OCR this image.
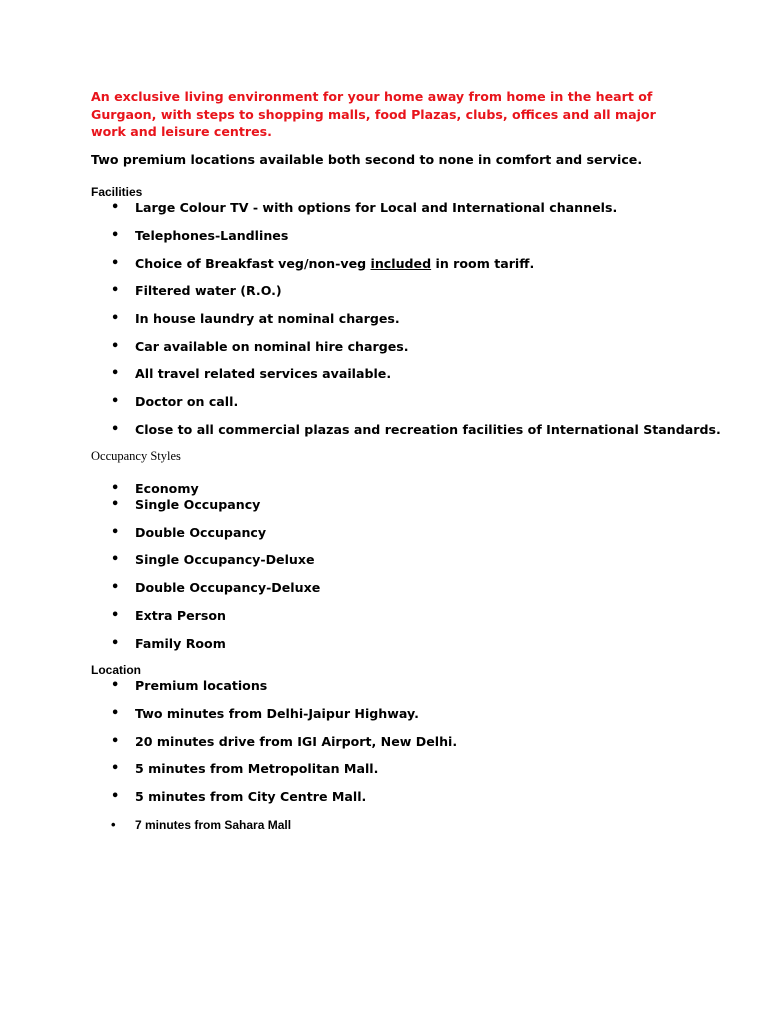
An exclusive living environment for your home away from home in the heart of Gurgaon, with steps to shopping malls, food Plazas, clubs, offices and all major work and leisure centres.

Two premium locations available both second to none in comfort and service.

Facilities

•	Large Colour TV - with options for Local and International channels.
•	Telephones-Landlines
•	Choice of Breakfast veg/non-veg included in room tariff.
•	Filtered water (R.O.)
•	In house laundry at nominal charges.
•	Car available on nominal hire charges.
•	All travel related services available.
•	Doctor on call.
•	Close to all commercial plazas and recreation facilities of International Standards.

Occupancy Styles

•	Economy
•	Single Occupancy
•	Double Occupancy
•	Single Occupancy-Deluxe
•	Double Occupancy-Deluxe
•	Extra Person
•	Family Room

Location

•	Premium locations
•	Two minutes from Delhi-Jaipur Highway.
•	20 minutes drive from IGI Airport, New Delhi.
•	5 minutes from Metropolitan Mall.
•	5 minutes from City Centre Mall.
•	7 minutes from Sahara Mall
